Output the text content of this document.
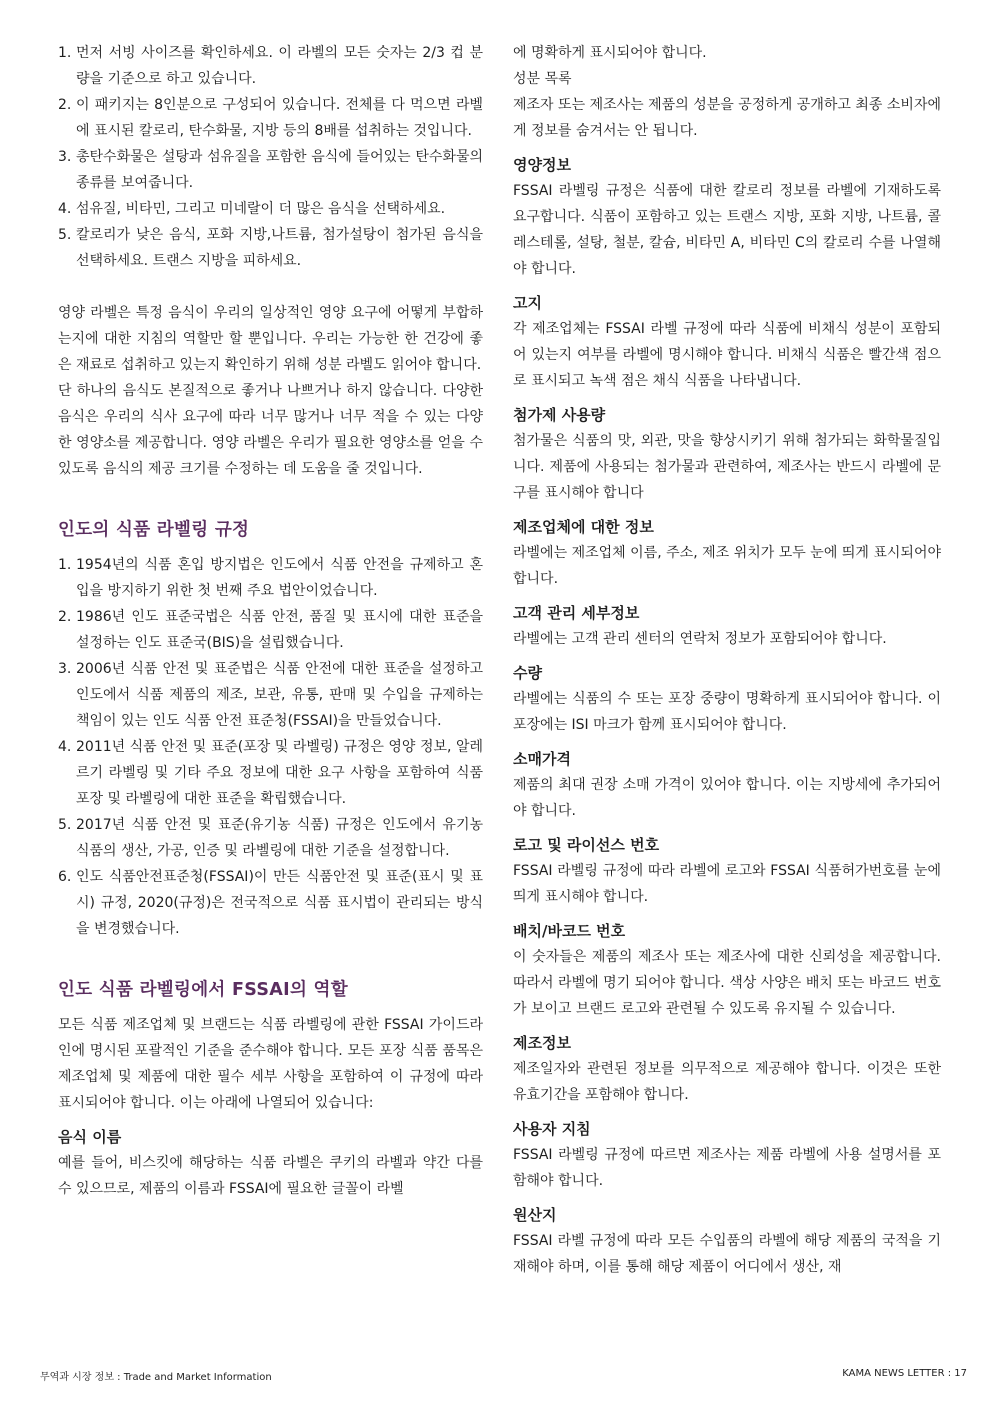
1. 먼저 서빙 사이즈를 확인하세요. 이 라벨의 모든 숫자는 2/3 컵 분량을 기준으로 하고 있습니다.
2. 이 패키지는 8인분으로 구성되어 있습니다. 전체를 다 먹으면 라벨에 표시된 칼로리, 탄수화물, 지방 등의 8배를 섭취하는 것입니다.
3. 총탄수화물은 설탕과 섬유질을 포함한 음식에 들어있는 탄수화물의 종류를 보여줍니다.
4. 섬유질, 비타민, 그리고 미네랄이 더 많은 음식을 선택하세요.
5. 칼로리가 낮은 음식, 포화 지방,나트륨, 첨가설탕이 첨가된 음식을 선택하세요. 트랜스 지방을 피하세요.

영양 라벨은 특정 음식이 우리의 일상적인 영양 요구에 어떻게 부합하는지에 대한 지침의 역할만 할 뿐입니다. 우리는 가능한 한 건강에 좋은 재료로 섭취하고 있는지 확인하기 위해 성분 라벨도 읽어야 합니다.

단 하나의 음식도 본질적으로 좋거나 나쁘거나 하지 않습니다. 다양한 음식은 우리의 식사 요구에 따라 너무 많거나 너무 적을 수 있는 다양한 영양소를 제공합니다. 영양 라벨은 우리가 필요한 영양소를 얻을 수 있도록 음식의 제공 크기를 수정하는 데 도움을 줄 것입니다.

인도의 식품 라벨링 규정
1. 1954년의 식품 혼입 방지법은 인도에서 식품 안전을 규제하고 혼입을 방지하기 위한 첫 번째 주요 법안이었습니다.
2. 1986년 인도 표준국법은 식품 안전, 품질 및 표시에 대한 표준을 설정하는 인도 표준국(BIS)을 설립했습니다.
3. 2006년 식품 안전 및 표준법은 식품 안전에 대한 표준을 설정하고 인도에서 식품 제품의 제조, 보관, 유통, 판매 및 수입을 규제하는 책임이 있는 인도 식품 안전 표준청(FSSAI)을 만들었습니다.
4. 2011년 식품 안전 및 표준(포장 및 라벨링) 규정은 영양 정보, 알레르기 라벨링 및 기타 주요 정보에 대한 요구 사항을 포함하여 식품 포장 및 라벨링에 대한 표준을 확립했습니다.
5. 2017년 식품 안전 및 표준(유기농 식품) 규정은 인도에서 유기농 식품의 생산, 가공, 인증 및 라벨링에 대한 기준을 설정합니다.
6. 인도 식품안전표준청(FSSAI)이 만든 식품안전 및 표준(표시 및 표시) 규정, 2020(규정)은 전국적으로 식품 표시법이 관리되는 방식을 변경했습니다.
인도 식품 라벨링에서 FSSAI의 역할

모든 식품 제조업체 및 브랜드는 식품 라벨링에 관한 FSSAI 가이드라인에 명시된 포괄적인 기준을 준수해야 합니다. 모든 포장 식품 품목은 제조업체 및 제품에 대한 필수 세부 사항을 포함하여 이 규정에 따라 표시되어야 합니다. 이는 아래에 나열되어 있습니다:

음식 이름

예를 들어, 비스킷에 해당하는 식품 라벨은 쿠키의 라벨과 약간 다를 수 있으므로, 제품의 이름과 FSSAI에 필요한 글꼴이 라벨

에 명확하게 표시되어야 합니다.

성분 목록

제조자 또는 제조사는 제품의 성분을 공정하게 공개하고 최종 소비자에게 정보를 숨겨서는 안 됩니다.

영양정보

FSSAI 라벨링 규정은 식품에 대한 칼로리 정보를 라벨에 기재하도록 요구합니다. 식품이 포함하고 있는 트랜스 지방, 포화 지방, 나트륨, 콜레스테롤, 설탕, 철분, 칼슘, 비타민 A, 비타민 C의 칼로리 수를 나열해야 합니다.

고지

각 제조업체는 FSSAI 라벨 규정에 따라 식품에 비채식 성분이 포함되어 있는지 여부를 라벨에 명시해야 합니다. 비채식 식품은 빨간색 점으로 표시되고 녹색 점은 채식 식품을 나타냅니다.

첨가제 사용량

첨가물은 식품의 맛, 외관, 맛을 향상시키기 위해 첨가되는 화학물질입니다. 제품에 사용되는 첨가물과 관련하여, 제조사는 반드시 라벨에 문구를 표시해야 합니다

제조업체에 대한 정보

라벨에는 제조업체 이름, 주소, 제조 위치가 모두 눈에 띄게 표시되어야 합니다.

고객 관리 세부정보

라벨에는 고객 관리 센터의 연락처 정보가 포함되어야 합니다.

수량

라벨에는 식품의 수 또는 포장 중량이 명확하게 표시되어야 합니다. 이 포장에는 ISI 마크가 함께 표시되어야 합니다.

소매가격

제품의 최대 권장 소매 가격이 있어야 합니다. 이는 지방세에 추가되어야 합니다.

로고 및 라이선스 번호

FSSAI 라벨링 규정에 따라 라벨에 로고와 FSSAI 식품허가번호를 눈에 띄게 표시해야 합니다.

배치/바코드 번호

이 숫자들은 제품의 제조사 또는 제조사에 대한 신뢰성을 제공합니다. 따라서 라벨에 명기 되어야 합니다. 색상 사양은 배치 또는 바코드 번호가 보이고 브랜드 로고와 관련될 수 있도록 유지될 수 있습니다.

제조정보

제조일자와 관련된 정보를 의무적으로 제공해야 합니다. 이것은 또한 유효기간을 포함해야 합니다.

사용자 지침

FSSAI 라벨링 규정에 따르면 제조사는 제품 라벨에 사용 설명서를 포함해야 합니다.

원산지

FSSAI 라벨 규정에 따라 모든 수입품의 라벨에 해당 제품의 국적을 기재해야 하며, 이를 통해 해당 제품이 어디에서 생산, 재

무역과 시장 정보 : Trade and Market Information	KAMA NEWS LETTER : 17
